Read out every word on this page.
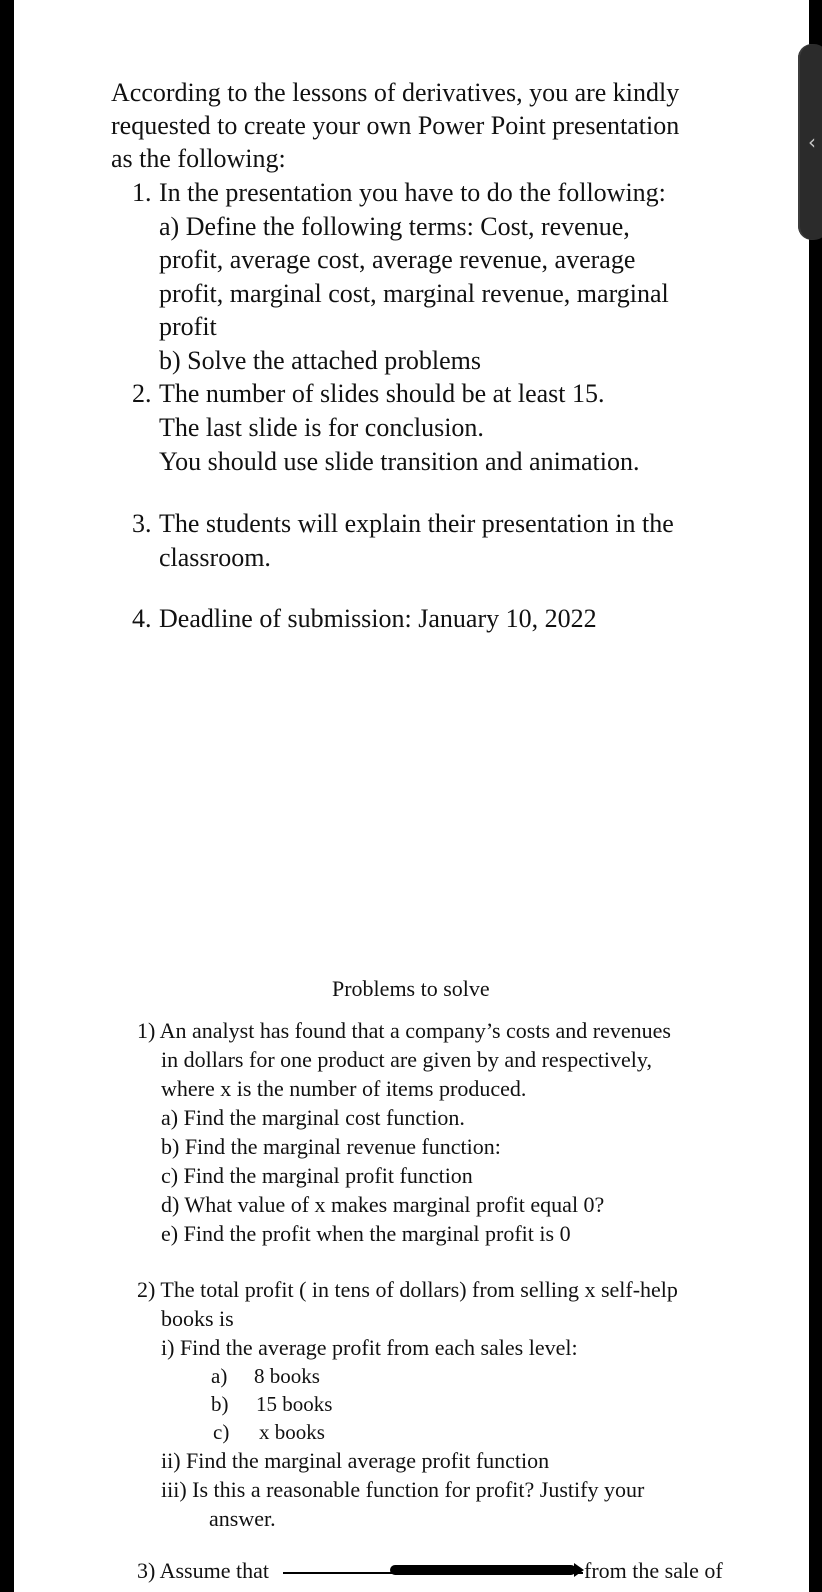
‹
According to the lessons of derivatives, you are kindly
requested to create your own Power Point presentation
as the following:
1. In the presentation you have to do the following:
a) Define the following terms: Cost, revenue,
profit, average cost, average revenue, average
profit, marginal cost, marginal revenue, marginal
profit
b) Solve the attached problems
2. The number of slides should be at least 15.
The last slide is for conclusion.
You should use slide transition and animation.
3. The students will explain their presentation in the
classroom.
4. Deadline of submission: January 10, 2022
Problems to solve
1) An analyst has found that a company’s costs and revenues
in dollars for one product are given by and respectively,
where x is the number of items produced.
a) Find the marginal cost function.
b) Find the marginal revenue function:
c) Find the marginal profit function
d) What value of x makes marginal profit equal 0?
e) Find the profit when the marginal profit is 0
2) The total profit ( in tens of dollars) from selling x self-help
books is
i) Find the average profit from each sales level:
a) 8 books
b) 15 books
c) x books
ii) Find the marginal average profit function
iii) Is this a reasonable function for profit? Justify your
answer.
3) Assume that	from the sale of
